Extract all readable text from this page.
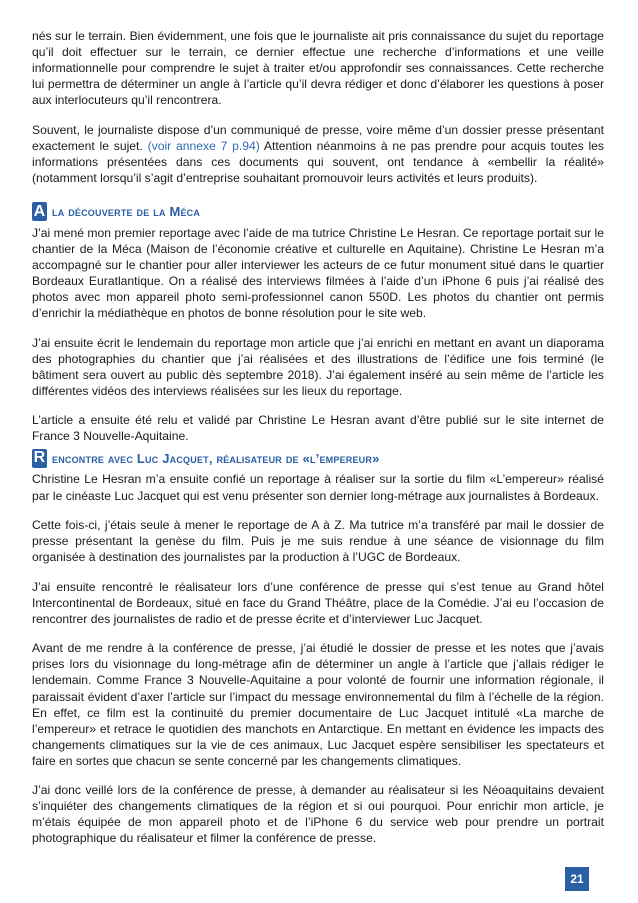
nés sur le terrain. Bien évidemment, une fois que le journaliste ait pris connaissance du sujet du reportage qu’il doit effectuer sur le terrain, ce dernier effectue une recherche d’informations et une veille informationnelle pour comprendre le sujet à traiter et/ou approfondir ses connaissances. Cette recherche lui permettra de déterminer un angle à l’article qu’il devra rédiger et donc d’élaborer les questions à poser aux interlocuteurs qu’il rencontrera.

Souvent, le journaliste dispose d’un communiqué de presse, voire même d’un dossier presse présentant exactement le sujet. (voir annexe 7 p.94) Attention néanmoins à ne pas prendre pour acquis toutes les informations présentées dans ces documents qui souvent, ont tendance à «embellir la réalité» (notamment lorsqu’il s’agit d’entreprise souhaitant promouvoir leurs activités et leurs produits).

A la découverte de la Méca

J’ai mené mon premier reportage avec l’aide de ma tutrice Christine Le Hesran. Ce reportage portait sur le chantier de la Méca (Maison de l’économie créative et culturelle en Aquitaine). Christine Le Hesran m’a accompagné sur le chantier pour aller interviewer les acteurs de ce futur monument situé dans le quartier Bordeaux Euratlantique. On a réalisé des interviews filmées à l’aide d’un iPhone 6 puis j’ai réalisé des photos avec mon appareil photo semi-professionnel canon 550D. Les photos du chantier ont permis d’enrichir la médiathèque en photos de bonne résolution pour le site web.

J’ai ensuite écrit le lendemain du reportage mon article que j’ai enrichi en mettant en avant un diaporama des photographies du chantier que j’ai réalisées et des illustrations de l’édifice une fois terminé (le bâtiment sera ouvert au public dès septembre 2018). J’ai également inséré au sein même de l’article les différentes vidéos des interviews réalisées sur les lieux du reportage.

L’article a ensuite été relu et validé par Christine Le Hesran avant d’être publié sur le site internet de France 3 Nouvelle-Aquitaine.

R encontre avec Luc Jacquet, réalisateur de «l’empereur»

Christine Le Hesran m’a ensuite confié un reportage à réaliser sur la sortie du film «L’empereur» réalisé par le cinéaste Luc Jacquet qui est venu présenter son dernier long-métrage aux journalistes à Bordeaux.

Cette fois-ci, j’étais seule à mener le reportage de A à Z. Ma tutrice m’a transféré par mail le dossier de presse présentant la genèse du film. Puis je me suis rendue à une séance de visionnage du film organisée à destination des journalistes par la production à l’UGC de Bordeaux.

J’ai ensuite rencontré le réalisateur lors d’une conférence de presse qui s’est tenue au Grand hôtel Intercontinental de Bordeaux, situé en face du Grand Théâtre, place de la Comédie. J’ai eu l’occasion de rencontrer des journalistes de radio et de presse écrite et d’interviewer Luc Jacquet.

Avant de me rendre à la conférence de presse, j’ai étudié le dossier de presse et les notes que j’avais prises lors du visionnage du long-métrage afin de déterminer un angle à l’article que j’allais rédiger le lendemain. Comme France 3 Nouvelle-Aquitaine a pour volonté de fournir une information régionale, il paraissait évident d’axer l’article sur l’impact du message environnemental du film à l’échelle de la région. En effet, ce film est la continuité du premier documentaire de Luc Jacquet intitulé «La marche de l’empereur» et retrace le quotidien des manchots en Antarctique. En mettant en évidence les impacts des changements climatiques sur la vie de ces animaux, Luc Jacquet espère sensibiliser les spectateurs et faire en sortes que chacun se sente concerné par les changements climatiques.

J’ai donc veillé lors de la conférence de presse, à demander au réalisateur si les Néoaquitains devaient s’inquiéter des changements climatiques de la région et si oui pourquoi. Pour enrichir mon article, je m’étais équipée de mon appareil photo et de l’iPhone 6 du service web pour prendre un portrait photographique du réalisateur et filmer la conférence de presse.

21
